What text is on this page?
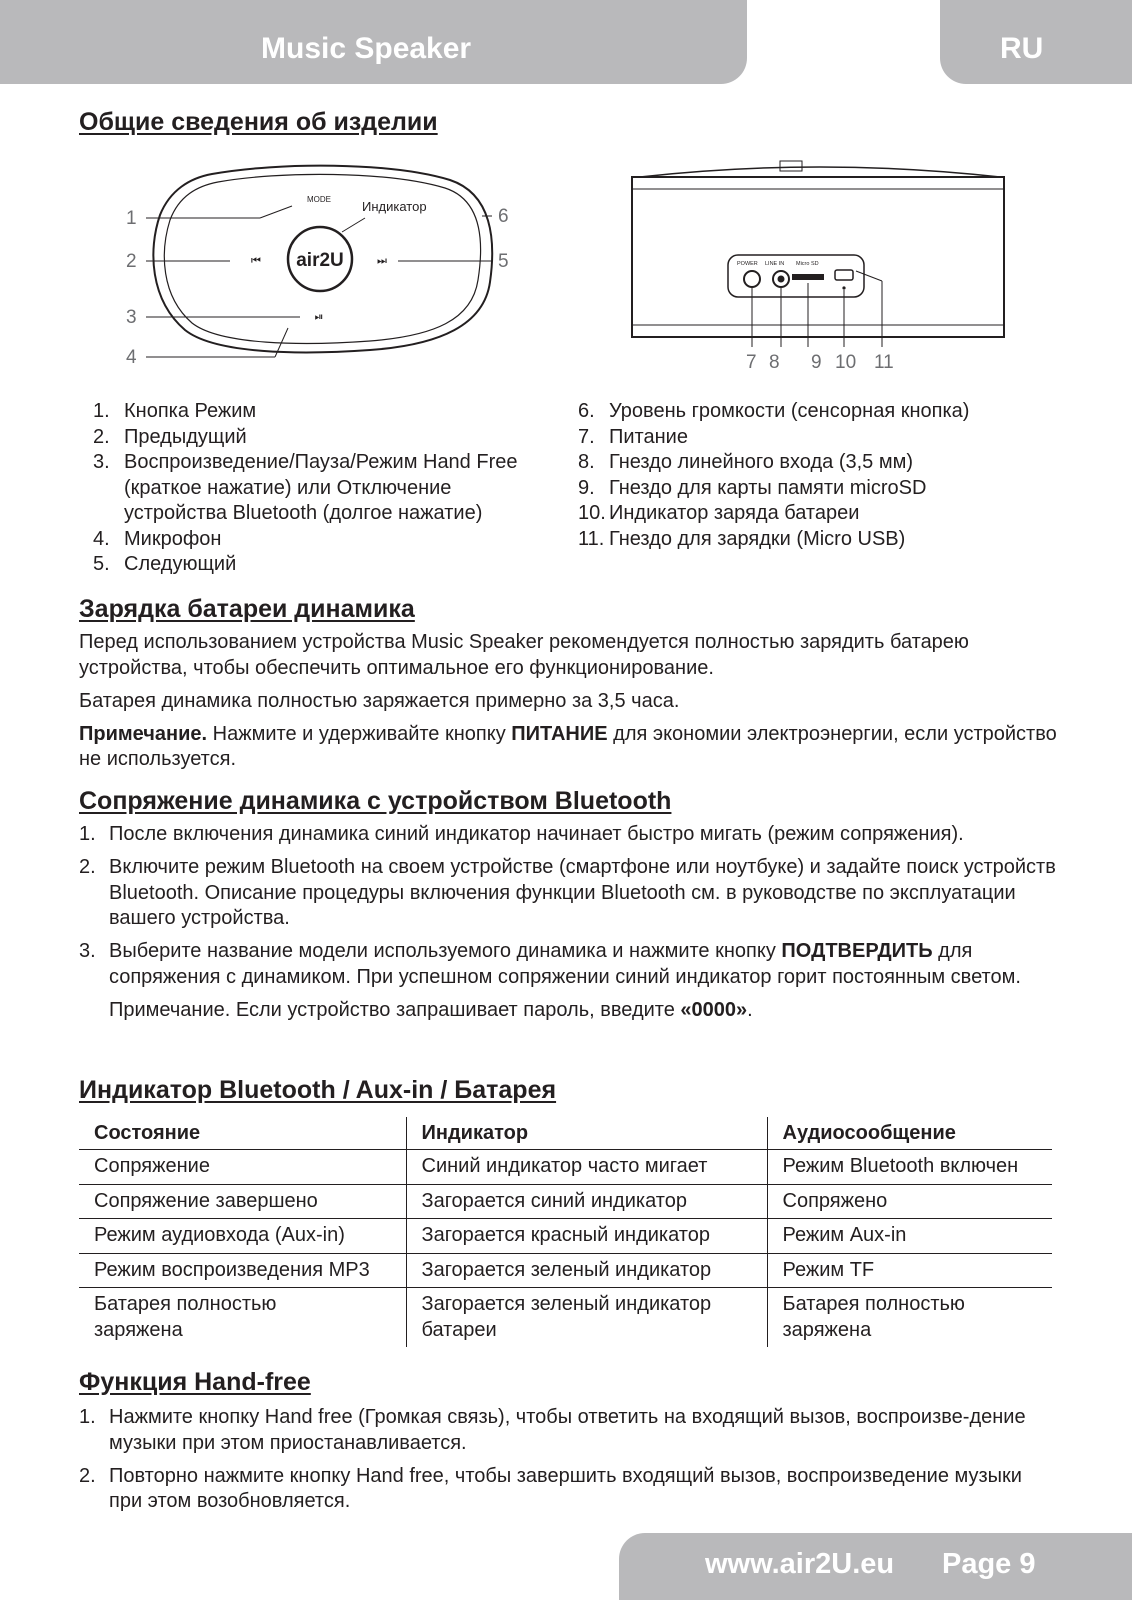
Music Speaker	RU
Общие сведения об изделии
air2U
MODE Индикатор
⏮	⏭
⏯
1
2
3
4
5
6
POWER LINE IN Micro SD
7 8 9 10 11
1. Кнопка Режим
2. Предыдущий
3. Воспроизведение/Пауза/Режим Hand Free (краткое нажатие) или Отключение устройства Bluetooth (долгое нажатие)
4. Микрофон
5. Следующий
6. Уровень громкости (сенсорная кнопка)
7. Питание
8. Гнездо линейного входа (3,5 мм)
9. Гнездо для карты памяти microSD
10. Индикатор заряда батареи
11. Гнездо для зарядки (Micro USB)
Зарядка батареи динамика

Перед использованием устройства Music Speaker рекомендуется полностью зарядить батарею устройства, чтобы обеспечить оптимальное его функционирование.

Батарея динамика полностью заряжается примерно за 3,5 часа.

Примечание. Нажмите и удерживайте кнопку ПИТАНИЕ для экономии электроэнергии, если устройство не используется.

Сопряжение динамика с устройством Bluetooth
1. После включения динамика синий индикатор начинает быстро мигать (режим сопряжения).
2. Включите режим Bluetooth на своем устройстве (смартфоне или ноутбуке) и задайте поиск устройств Bluetooth. Описание процедуры включения функции Bluetooth см. в руководстве по эксплуатации вашего устройства.
3. Выберите название модели используемого динамика и нажмите кнопку ПОДТВЕРДИТЬ для сопряжения с динамиком. При успешном сопряжении синий индикатор горит постоянным светом.
Примечание. Если устройство запрашивает пароль, введите «0000».
Индикатор Bluetooth / Aux-in / Батарея
Состояние	Индикатор	Аудиосообщение
Сопряжение	Синий индикатор часто мигает	Режим Bluetooth включен
Сопряжение завершено	Загорается синий индикатор	Сопряжено
Режим аудиовхода (Aux-in)	Загорается красный индикатор	Режим Aux-in
Режим воспроизведения MP3	Загорается зеленый индикатор	Режим TF
Батарея полностью заряжена	Загорается зеленый индикатор батареи	Батарея полностью заряжена
Функция Hand-free
1. Нажмите кнопку Hand free (Громкая связь), чтобы ответить на входящий вызов, воспроизве-дение музыки при этом приостанавливается.
2. Повторно нажмите кнопку Hand free, чтобы завершить входящий вызов, воспроизведение музыки при этом возобновляется.
www.air2U.eu Page 9
